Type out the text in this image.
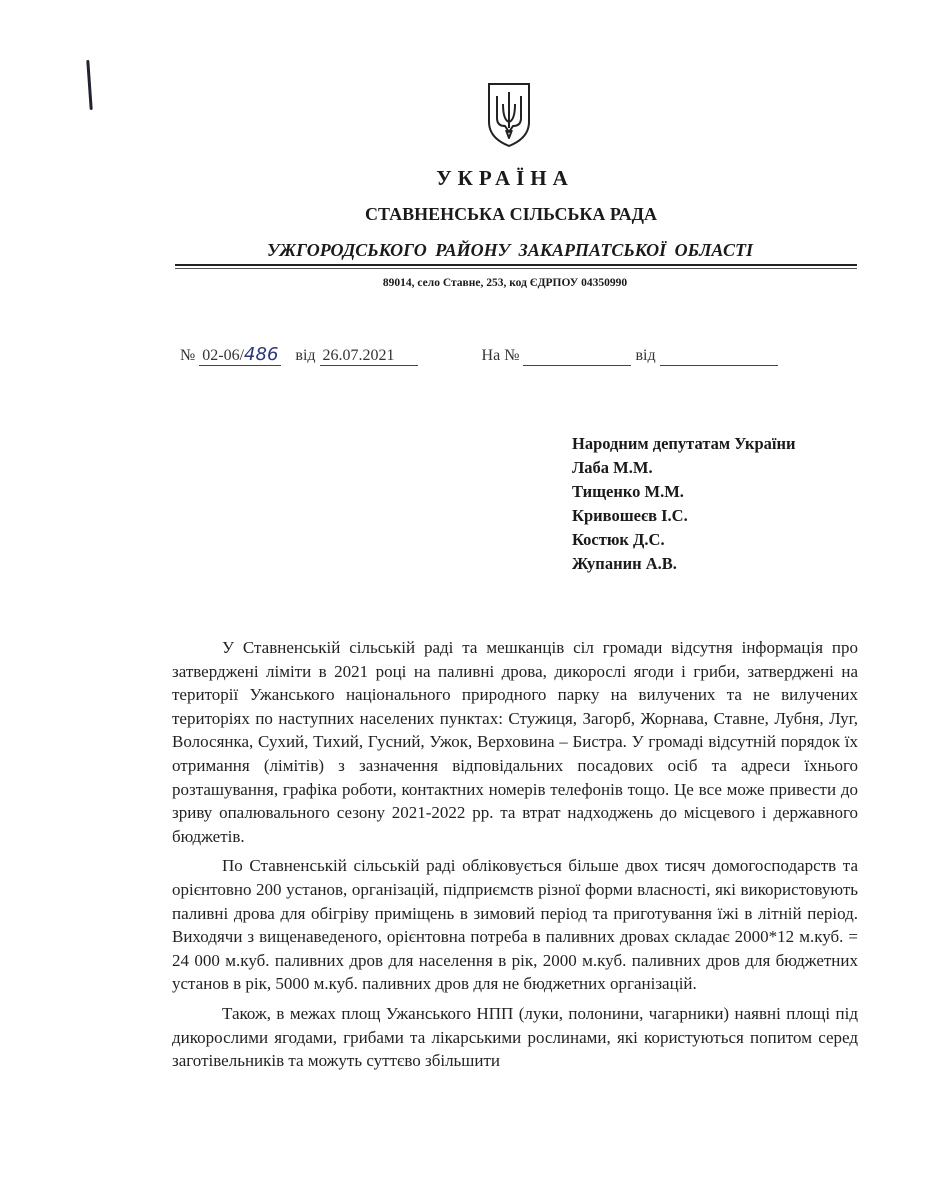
УКРАЇНА
СТАВНЕНСЬКА СІЛЬСЬКА РАДА
УЖГОРОДСЬКОГО РАЙОНУ ЗАКАРПАТСЬКОЇ ОБЛАСТІ
89014, село Ставне, 253, код ЄДРПОУ 04350990
№ 02-06/486 від 26.07.2021	На №	від
Народним депутатам України
Лаба М.М.
Тищенко М.М.
Кривошеєв І.С.
Костюк Д.С.
Жупанин А.В.

У Ставненській сільській раді та мешканців сіл громади відсутня інформація про затверджені ліміти в 2021 році на паливні дрова, дикорослі ягоди і гриби, затверджені на території Ужанського національного природного парку на вилучених та не вилучених територіях по наступних населених пунктах: Стужиця, Загорб, Жорнава, Ставне, Лубня, Луг, Волосянка, Сухий, Тихий, Гусний, Ужок, Верховина – Бистра. У громаді відсутній порядок їх отримання (лімітів) з зазначення відповідальних посадових осіб та адреси їхнього розташування, графіка роботи, контактних номерів телефонів тощо. Це все може привести до зриву опалювального сезону 2021-2022 рр. та втрат надходжень до місцевого і державного бюджетів.

По Ставненській сільській раді обліковується більше двох тисяч домогосподарств та орієнтовно 200 установ, організацій, підприємств різної форми власності, які використовують паливні дрова для обігріву приміщень в зимовий період та приготування їжі в літній період. Виходячи з вищенаведеного, орієнтовна потреба в паливних дровах складає 2000*12 м.куб. = 24 000 м.куб. паливних дров для населення в рік, 2000 м.куб. паливних дров для бюджетних установ в рік, 5000 м.куб. паливних дров для не бюджетних організацій.

Також, в межах площ Ужанського НПП (луки, полонини, чагарники) наявні площі під дикорослими ягодами, грибами та лікарськими рослинами, які користуються попитом серед заготівельників та можуть суттєво збільшити
